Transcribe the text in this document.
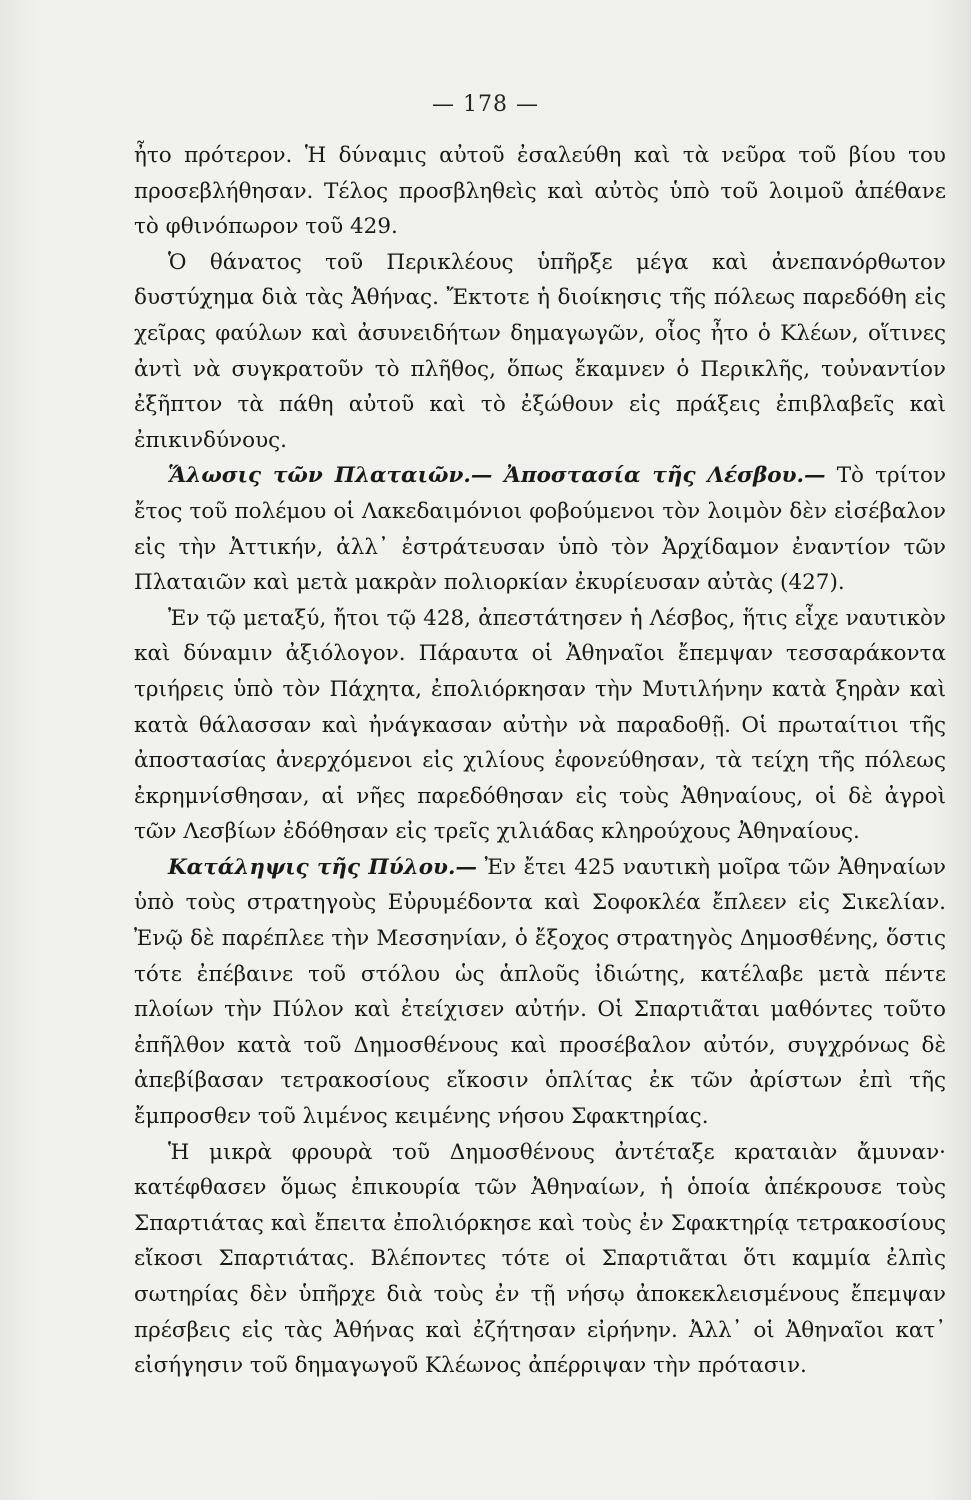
— 178 —

ἦτο πρότερον. Ἡ δύναμις αὐτοῦ ἐσαλεύθη καὶ τὰ νεῦρα τοῦ βίου του προσεβλήθησαν. Τέλος προσβληθεὶς καὶ αὐτὸς ὑπὸ τοῦ λοιμοῦ ἀπέθανε τὸ φθινόπωρον τοῦ 429.

Ὁ θάνατος τοῦ Περικλέους ὑπῆρξε μέγα καὶ ἀνεπανόρθωτον δυστύχημα διὰ τὰς Ἀθήνας. Ἔκτοτε ἡ διοίκησις τῆς πόλεως παρεδόθη εἰς χεῖρας φαύλων καὶ ἀσυνειδήτων δημαγωγῶν, οἷος ἦτο ὁ Κλέων, οἵτινες ἀντὶ νὰ συγκρατοῦν τὸ πλῆθος, ὅπως ἔκαμνεν ὁ Περικλῆς, τοὐναντίον ἐξῆπτον τὰ πάθη αὐτοῦ καὶ τὸ ἐξώθουν εἰς πράξεις ἐπιβλαβεῖς καὶ ἐπικινδύνους.

Ἅλωσις τῶν Πλαταιῶν.— Ἀποστασία τῆς Λέσβου.— Τὸ τρίτον ἔτος τοῦ πολέμου οἱ Λακεδαιμόνιοι φοβούμενοι τὸν λοιμὸν δὲν εἰσέβαλον εἰς τὴν Ἀττικήν, ἀλλ᾽ ἐστράτευσαν ὑπὸ τὸν Ἀρχίδαμον ἐναντίον τῶν Πλαταιῶν καὶ μετὰ μακρὰν πολιορκίαν ἐκυρίευσαν αὐτὰς (427).

Ἐν τῷ μεταξύ, ἤτοι τῷ 428, ἀπεστάτησεν ἡ Λέσβος, ἥτις εἶχε ναυτικὸν καὶ δύναμιν ἀξιόλογον. Πάραυτα οἱ Ἀθηναῖοι ἔπεμψαν τεσσαράκοντα τριήρεις ὑπὸ τὸν Πάχητα, ἐπολιόρκησαν τὴν Μυτιλήνην κατὰ ξηρὰν καὶ κατὰ θάλασσαν καὶ ἠνάγκασαν αὐτὴν νὰ παραδοθῇ. Οἱ πρωταίτιοι τῆς ἀποστασίας ἀνερχόμενοι εἰς χιλίους ἐφονεύθησαν, τὰ τείχη τῆς πόλεως ἐκρημνίσθησαν, αἱ νῆες παρεδόθησαν εἰς τοὺς Ἀθηναίους, οἱ δὲ ἀγροὶ τῶν Λεσβίων ἐδόθησαν εἰς τρεῖς χιλιάδας κληρούχους Ἀθηναίους.

Κατάληψις τῆς Πύλου.— Ἐν ἔτει 425 ναυτικὴ μοῖρα τῶν Ἀθηναίων ὑπὸ τοὺς στρατηγοὺς Εὐρυμέδοντα καὶ Σοφοκλέα ἔπλεεν εἰς Σικελίαν. Ἐνῷ δὲ παρέπλεε τὴν Μεσσηνίαν, ὁ ἔξοχος στρατηγὸς Δημοσθένης, ὅστις τότε ἐπέβαινε τοῦ στόλου ὡς ἁπλοῦς ἰδιώτης, κατέλαβε μετὰ πέντε πλοίων τὴν Πύλον καὶ ἐτείχισεν αὐτήν. Οἱ Σπαρτιᾶται μαθόντες τοῦτο ἐπῆλθον κατὰ τοῦ Δημοσθένους καὶ προσέβαλον αὐτόν, συγχρόνως δὲ ἀπεβίβασαν τετρακοσίους εἴκοσιν ὁπλίτας ἐκ τῶν ἀρίστων ἐπὶ τῆς ἔμπροσθεν τοῦ λιμένος κειμένης νήσου Σφακτηρίας.

Ἡ μικρὰ φρουρὰ τοῦ Δημοσθένους ἀντέταξε κραταιὰν ἄμυναν· κατέφθασεν ὅμως ἐπικουρία τῶν Ἀθηναίων, ἡ ὁποία ἀπέκρουσε τοὺς Σπαρτιάτας καὶ ἔπειτα ἐπολιόρκησε καὶ τοὺς ἐν Σφακτηρίᾳ τετρακοσίους εἴκοσι Σπαρτιάτας. Βλέποντες τότε οἱ Σπαρτιᾶται ὅτι καμμία ἐλπὶς σωτηρίας δὲν ὑπῆρχε διὰ τοὺς ἐν τῇ νήσῳ ἀποκεκλεισμένους ἔπεμψαν πρέσβεις εἰς τὰς Ἀθήνας καὶ ἐζήτησαν εἰρήνην. Ἀλλ᾽ οἱ Ἀθηναῖοι κατ᾽ εἰσήγησιν τοῦ δημαγωγοῦ Κλέωνος ἀπέρριψαν τὴν πρότασιν.
